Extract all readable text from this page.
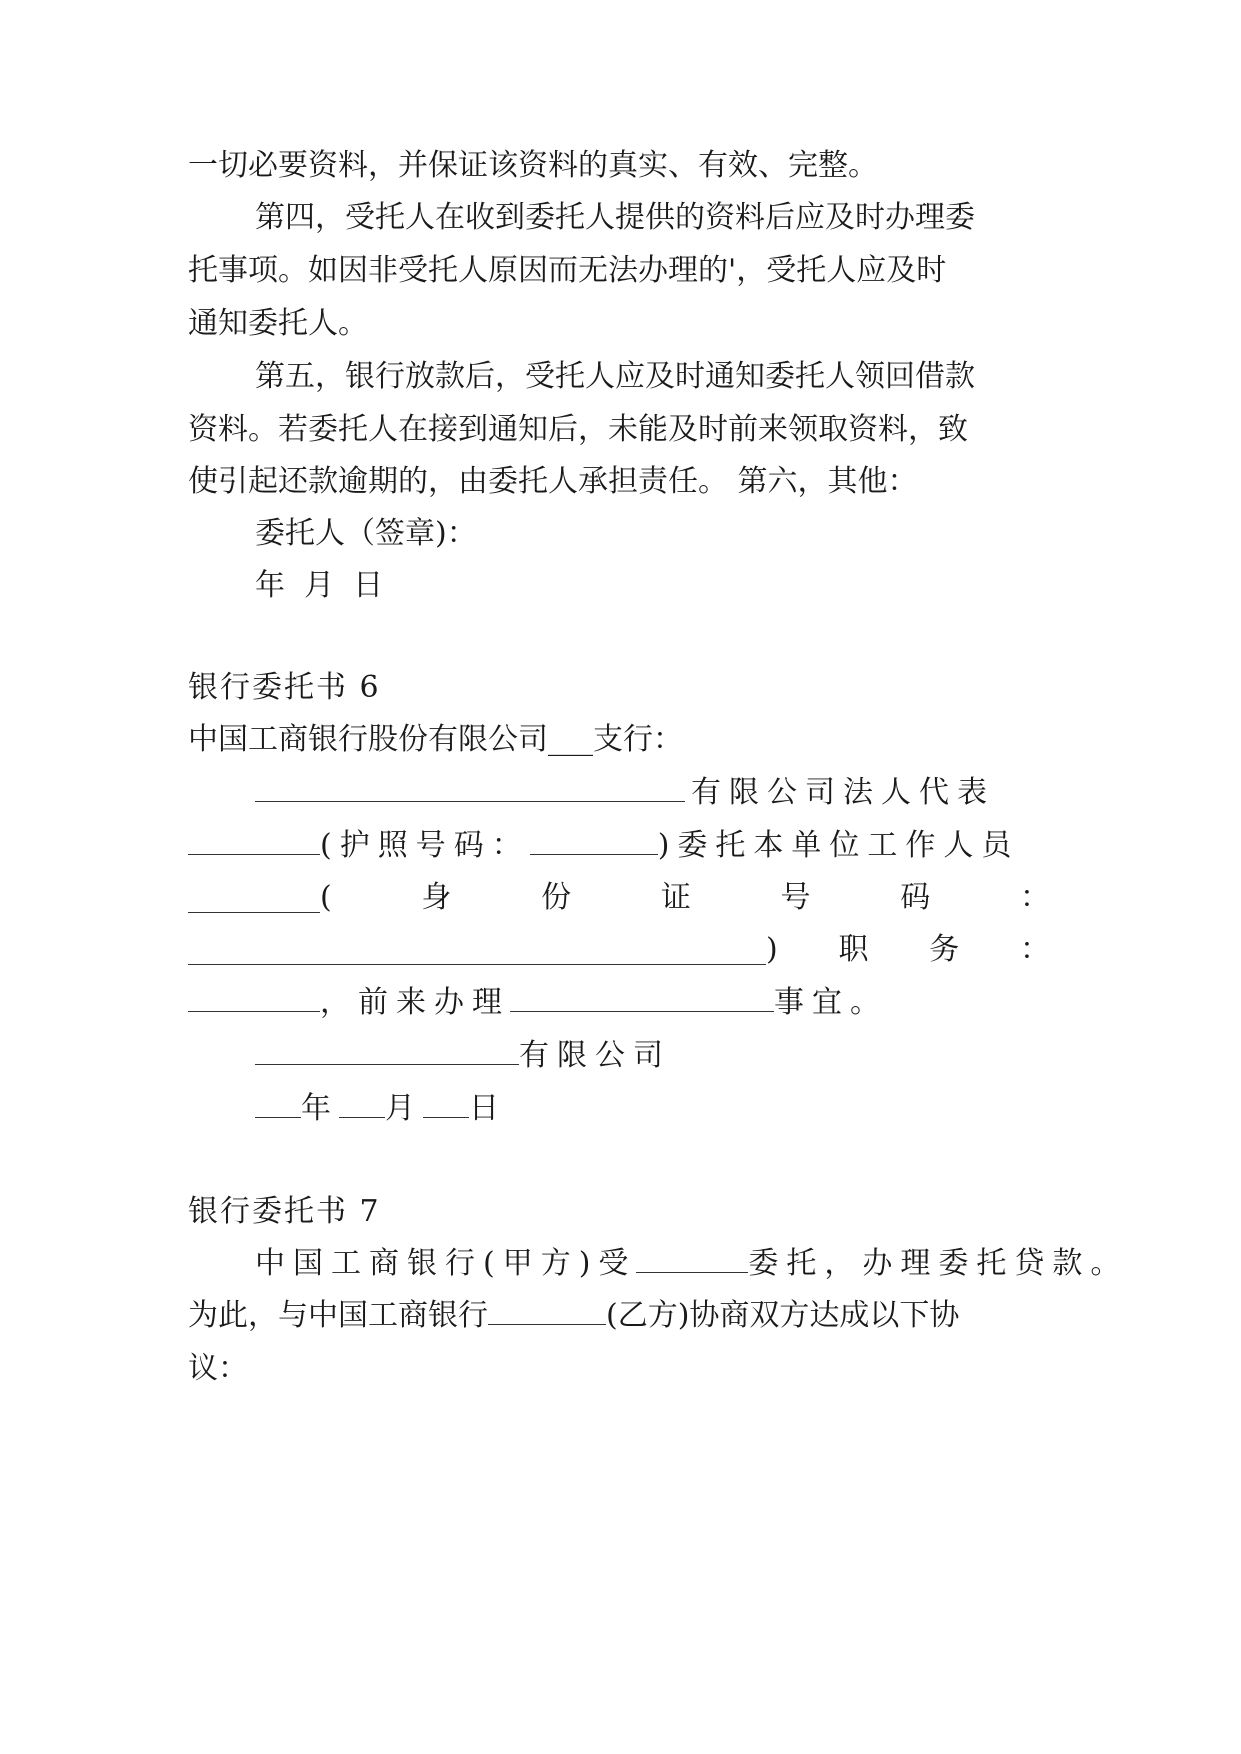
一切必要资料，并保证该资料的真实、有效、完整。
第四，受托人在收到委托人提供的资料后应及时办理委
托事项。如因非受托人原因而无法办理的'，受托人应及时
通知委托人。
第五，银行放款后，受托人应及时通知委托人领回借款
资料。若委托人在接到通知后，未能及时前来领取资料，致
使引起还款逾期的，由委托人承担责任。 第六，其他：
委托人（签章)：
年  月  日
银行委托书 6
中国工商银行股份有限公司___支行：
有限公司法人代表
(护照号码：	)委托本单位工作人员
(	身	份	证	号	码	：
) 职 务 ：
，前来办理	事宜。
有限公司
年 月 日
银行委托书 7
中国工商银行(甲方)受	委托，办理委托贷款。
为此，与中国工商银行	(乙方)协商双方达成以下协
议：
